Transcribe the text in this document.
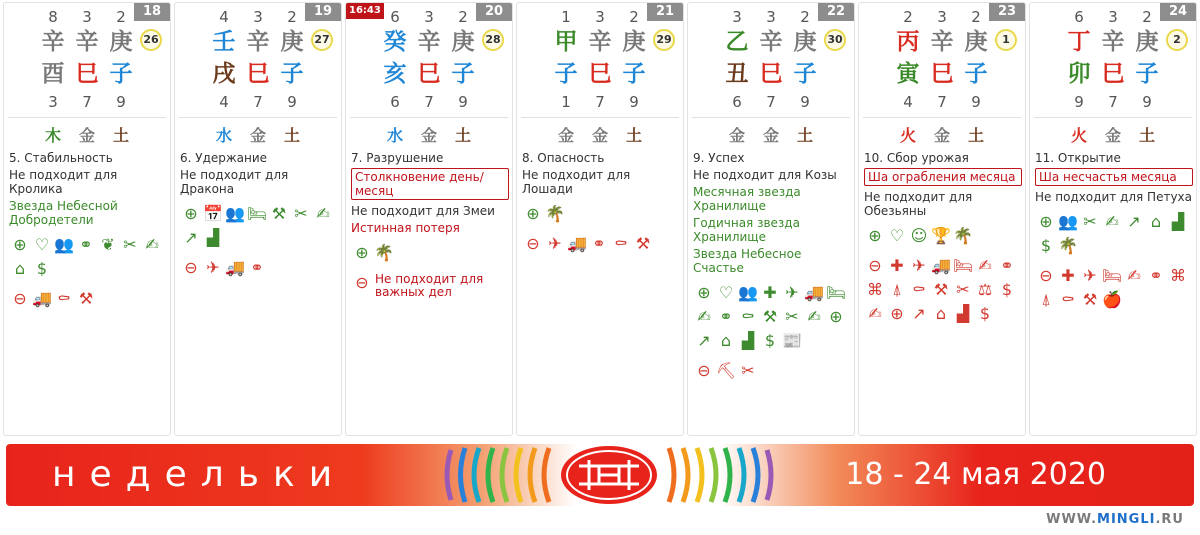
18
8	3	2
辛 辛 庚
酉 巳 子
3	7	9
26
木	金	土
5. Стабильность
Не подходит для Кролика
Звезда Небесной Добродетели
⊕ ♡ 👥 ⚭ ❦ ✂ ✍
⌂ $
⊖ 🚚 ⚰ ⚒
19
4	3	2
壬 辛 庚
戌 巳 子
4	7	9
27
水	金	土
6. Удержание
Не подходит для Дракона
⊕ 📅 👥 🛏 ⚒ ✂ ✍
↗ ▟
⊖ ✈ 🚚 ⚭
20
16:43 6	3	2
癸 辛 庚
亥 巳 子
6	7	9
28
水	金	土
7. Разрушение
Столкновение день/месяц
Не подходит для Змеи
Истинная потеря
⊕ 🌴
⊖ Не подходит для важных дел
21
1	3	2
甲 辛 庚
子 巳 子
1	7	9
29
金	金	土
8. Опасность
Не подходит для Лошади
⊕ 🌴
⊖ ✈ 🚚 ⚭ ⚰ ⚒
22
3	3	2
乙 辛 庚
丑 巳 子
6	7	9
30
金	金	土
9. Успех
Не подходит для Козы
Месячная звезда Хранилище
Годичная звезда Хранилище
Звезда Небесное Счастье
⊕ ♡ 👥 ✚ ✈ 🚚 🛏
✍ ⚭ ⚰ ⚒ ✂ ✍ ⊕
↗ ⌂ ▟ $ 📰
⊖ ⛏ ✂
23
2	3	2
丙 辛 庚
寅 巳 子
4	7	9
1
火	金	土
10. Сбор урожая
Ша ограбления месяца
Не подходит для Обезьяны
⊕ ♡ ☺ 🏆 🌴
⊖ ✚ ✈ 🚚 🛏 ✍ ⚭
⌘ ⍋ ⚰ ⚒ ✂ ⚖ $
✍ ⊕ ↗ ⌂ ▟ $
24
6	3	2
丁 辛 庚
卯 巳 子
9	7	9
2
火	金	土
11. Открытие
Ша несчастья месяца
Не подходит для Петуха
⊕ 👥 ✂ ✍ ↗ ⌂ ▟
$ 🌴
⊖ ✚ ✈ 🛏 ✍ ⚭ ⌘
⍋ ⚰ ⚒ 🍎
недельки	18 - 24 мая 2020
WWW.MINGLI.RU
